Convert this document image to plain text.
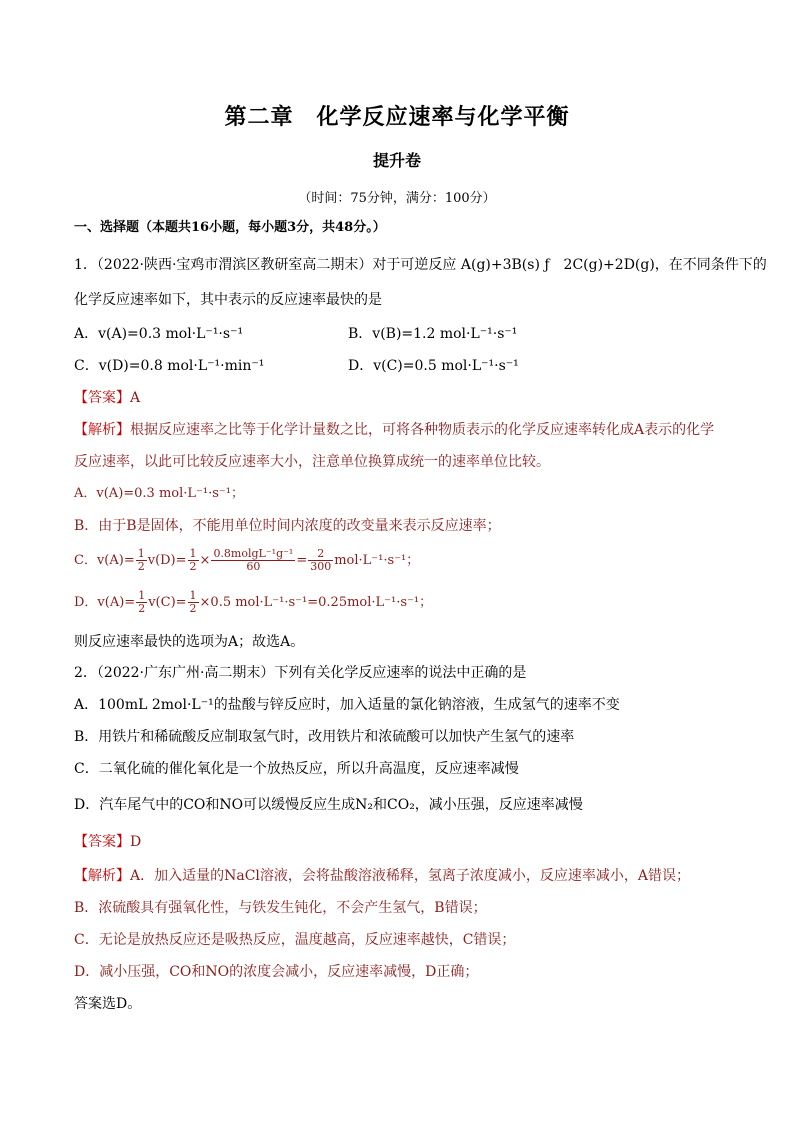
第二章　化学反应速率与化学平衡
提升卷
（时间：75分钟，满分：100分）
一、选择题（本题共16小题，每小题3分，共48分。）
1．（2022·陕西·宝鸡市渭滨区教研室高二期末）对于可逆反应 A(g)+3B(s) ƒ　2C(g)+2D(g)，在不同条件下的
化学反应速率如下，其中表示的反应速率最快的是
A．v(A)=0.3 mol·L⁻¹·s⁻¹	B．v(B)=1.2 mol·L⁻¹·s⁻¹
C．v(D)=0.8 mol·L⁻¹·min⁻¹	D．v(C)=0.5 mol·L⁻¹·s⁻¹
【答案】A
【解析】根据反应速率之比等于化学计量数之比，可将各种物质表示的化学反应速率转化成A表示的化学
反应速率，以此可比较反应速率大小，注意单位换算成统一的速率单位比较。
A．v(A)=0.3 mol·L⁻¹·s⁻¹；
B．由于B是固体，不能用单位时间内浓度的改变量来表示反应速率；
C．$v(A)= \frac{1}{2} v(D)= \frac{1}{2} \times \frac{\text{0.8molgL⁻¹g⁻¹}}{60} = \frac{2}{300} mol\cdot L^{-1}\cdot s^{-1}$；
D．$v(A)= \frac{1}{2} v(C)= \frac{1}{2} \times 0.5$ mol·L⁻¹·s⁻¹=0.25mol·L⁻¹·s⁻¹；
则反应速率最快的选项为A；故选A。
2．（2022·广东广州·高二期末）下列有关化学反应速率的说法中正确的是
A．100mL 2mol·L⁻¹的盐酸与锌反应时，加入适量的氯化钠溶液，生成氢气的速率不变
B．用铁片和稀硫酸反应制取氢气时，改用铁片和浓硫酸可以加快产生氢气的速率
C．二氧化硫的催化氧化是一个放热反应，所以升高温度，反应速率减慢
D．汽车尾气中的CO和NO可以缓慢反应生成N₂和CO₂，减小压强，反应速率减慢
【答案】D
【解析】A．加入适量的NaCl溶液，会将盐酸溶液稀释，氢离子浓度减小，反应速率减小，A错误；
B．浓硫酸具有强氧化性，与铁发生钝化，不会产生氢气，B错误；
C．无论是放热反应还是吸热反应，温度越高，反应速率越快，C错误；
D．减小压强，CO和NO的浓度会减小，反应速率减慢，D正确；
答案选D。
